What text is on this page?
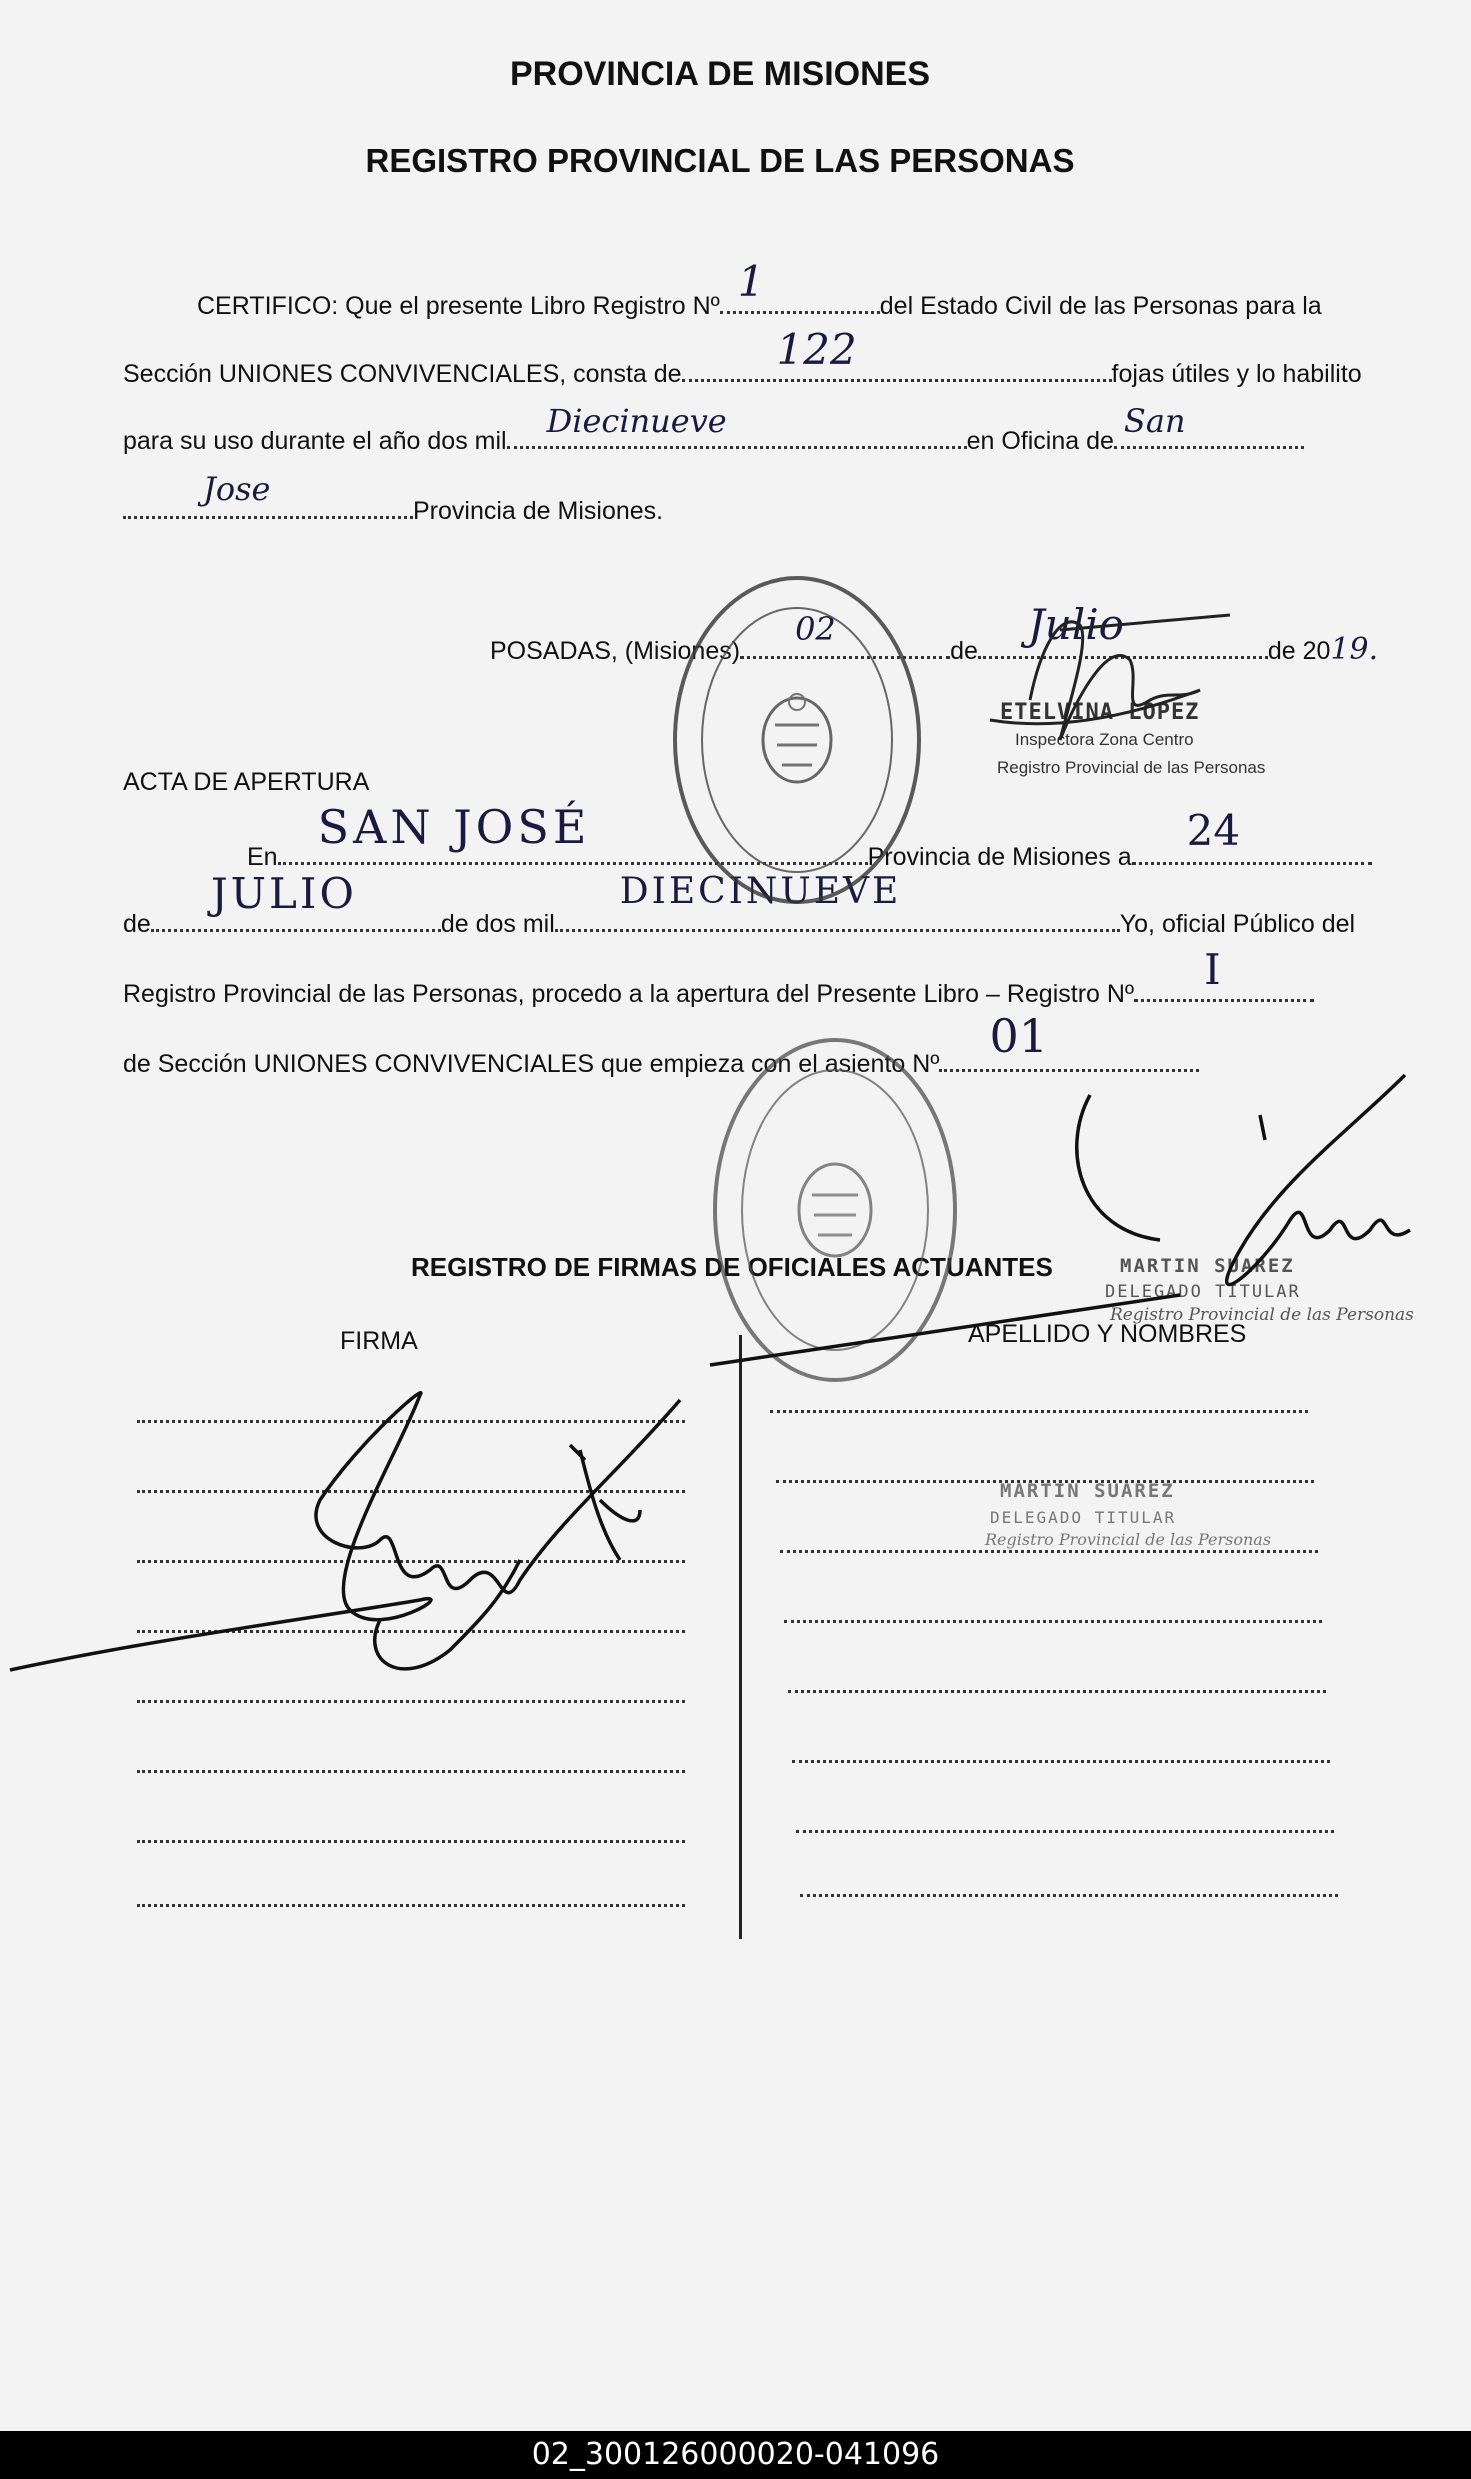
PROVINCIA DE MISIONES
REGISTRO PROVINCIAL DE LAS PERSONAS
CERTIFICO: Que el presente Libro Registro Nº 1	del Estado Civil de las Personas para la
Sección UNIONES CONVIVENCIALES, consta de 122	fojas útiles y lo habilito
para su uso durante el año dos mil
Diecinueve
en Oficina de
San
Jose
Provincia de Misiones.
POSADAS, (Misiones)
02
de
Julio
de 2019.
ETELVINA LOPEZ
Inspectora Zona Centro
Registro Provincial de las Personas
ACTA DE APERTURA
En
SAN JOSÉ
Provincia de Misiones a
24
de
JULIO
de dos mil
DIECINUEVE
Yo, oficial Público del
Registro Provincial de las Personas, procedo a la apertura del Presente Libro – Registro Nº I
de Sección UNIONES CONVIVENCIALES que empieza con el asiento Nº
01
REGISTRO DE FIRMAS DE OFICIALES ACTUANTES
FIRMA	APELLIDO Y NOMBRES
MARTIN SUAREZ
DELEGADO TITULAR
Registro Provincial de las Personas
MARTIN SUAREZ
DELEGADO TITULAR
Registro Provincial de las Personas
02_300126000020-041096
